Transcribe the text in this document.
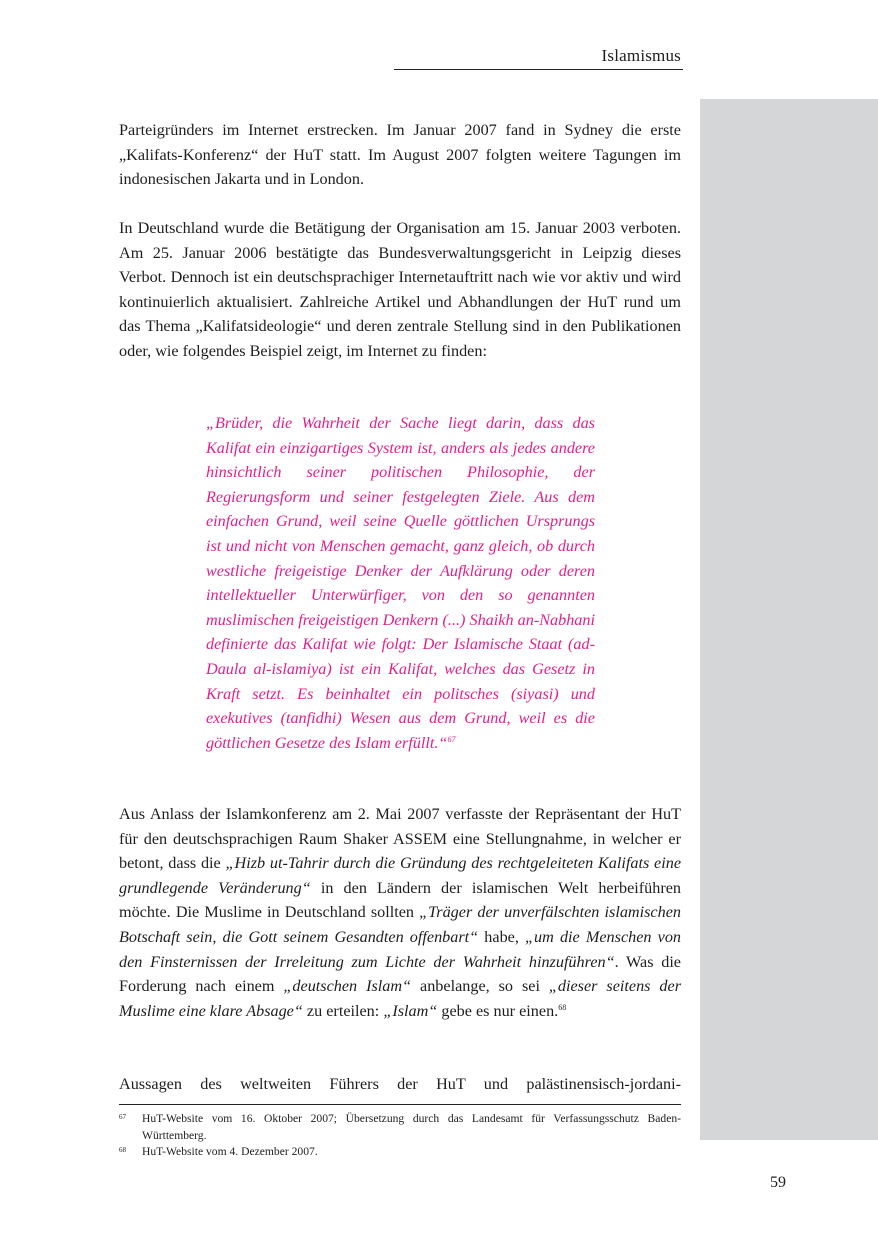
Islamismus

Parteigründers im Internet erstrecken. Im Januar 2007 fand in Sydney die erste „Kalifats-Konferenz“ der HuT statt. Im August 2007 folgten weitere Tagungen im indonesischen Jakarta und in London.

In Deutschland wurde die Betätigung der Organisation am 15. Januar 2003 verboten. Am 25. Januar 2006 bestätigte das Bundesverwaltungsgericht in Leipzig dieses Verbot. Dennoch ist ein deutschsprachiger Internetauftritt nach wie vor aktiv und wird kontinuierlich aktualisiert. Zahlreiche Artikel und Abhandlungen der HuT rund um das Thema „Kalifatsideologie“ und deren zentrale Stellung sind in den Publikationen oder, wie folgendes Beispiel zeigt, im Internet zu finden:

„Brüder, die Wahrheit der Sache liegt darin, dass das Kalifat ein einzigartiges System ist, anders als jedes andere hinsichtlich seiner politischen Philosophie, der Regierungsform und seiner festgelegten Ziele. Aus dem einfachen Grund, weil seine Quelle göttlichen Ursprungs ist und nicht von Menschen gemacht, ganz gleich, ob durch westliche freigeistige Denker der Aufklärung oder deren intellektueller Unterwürfiger, von den so genannten muslimischen freigeistigen Denkern (...) Shaikh an-Nabhani definierte das Kalifat wie folgt: Der Islamische Staat (ad-Daula al-islamiya) ist ein Kalifat, welches das Gesetz in Kraft setzt. Es beinhaltet ein politsches (siyasi) und exekutives (tanfidhi) Wesen aus dem Grund, weil es die göttlichen Gesetze des Islam erfüllt.“$^{67}$

Aus Anlass der Islamkonferenz am 2. Mai 2007 verfasste der Repräsentant der HuT für den deutschsprachigen Raum Shaker ASSEM eine Stellungnahme, in welcher er betont, dass die „Hizb ut-Tahrir durch die Gründung des rechtgeleiteten Kalifats eine grundlegende Veränderung“ in den Ländern der islamischen Welt herbeiführen möchte. Die Muslime in Deutschland sollten „Träger der unverfälschten islamischen Botschaft sein, die Gott seinem Gesandten offenbart“ habe, „um die Menschen von den Finsternissen der Irreleitung zum Lichte der Wahrheit hinzuführen“. Was die Forderung nach einem „deutschen Islam“ anbelange, so sei „dieser seitens der Muslime eine klare Absage“ zu erteilen: „Islam“ gebe es nur einen.$^{68}$

Aussagen des weltweiten Führers der HuT und palästinensisch-jordani-

67	HuT-Website vom 16. Oktober 2007; Übersetzung durch das Landesamt für Verfassungsschutz Baden-Württemberg.
68	HuT-Website vom 4. Dezember 2007.
59
